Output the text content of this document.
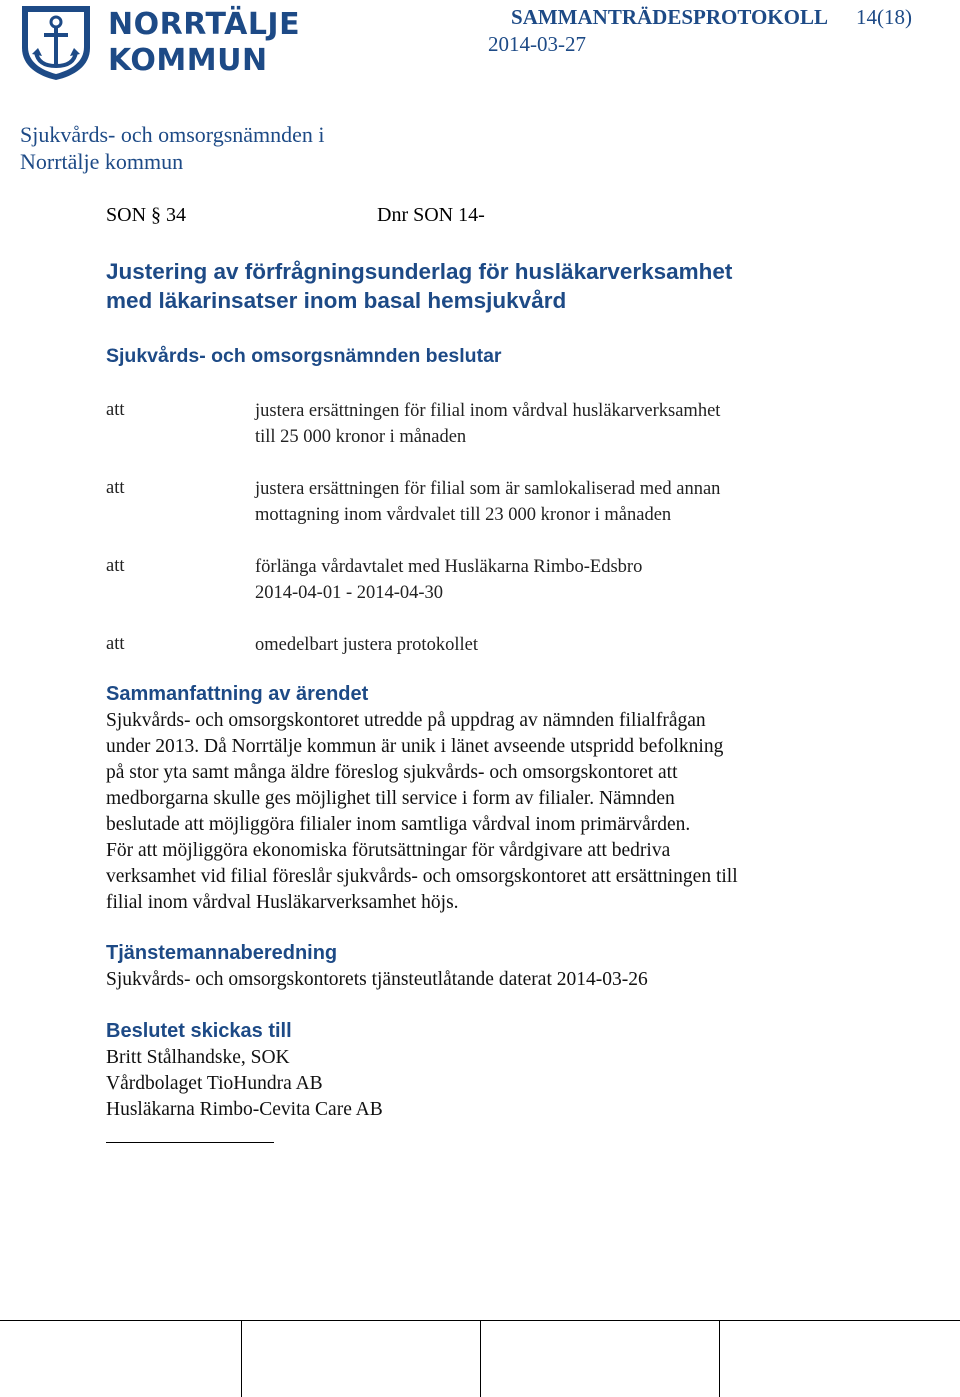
NORRTÄLJE
KOMMUN
SAMMANTRÄDESPROTOKOLL 14(18)
2014-03-27
Sjukvårds- och omsorgsnämnden i
Norrtälje kommun
SON § 34	Dnr SON 14-
Justering av förfrågningsunderlag för husläkarverksamhet
med läkarinsatser inom basal hemsjukvård
Sjukvårds- och omsorgsnämnden beslutar
att	justera ersättningen för filial inom vårdval husläkarverksamhet
till 25 000 kronor i månaden
att	justera ersättningen för filial som är samlokaliserad med annan
mottagning inom vårdvalet till 23 000 kronor i månaden
att	förlänga vårdavtalet med Husläkarna Rimbo-Edsbro
2014-04-01 - 2014-04-30
att	omedelbart justera protokollet
Sammanfattning av ärendet
Sjukvårds- och omsorgskontoret utredde på uppdrag av nämnden filialfrågan
under 2013. Då Norrtälje kommun är unik i länet avseende utspridd befolkning
på stor yta samt många äldre föreslog sjukvårds- och omsorgskontoret att
medborgarna skulle ges möjlighet till service i form av filialer. Nämnden
beslutade att möjliggöra filialer inom samtliga vårdval inom primärvården.
För att möjliggöra ekonomiska förutsättningar för vårdgivare att bedriva
verksamhet vid filial föreslår sjukvårds- och omsorgskontoret att ersättningen till
filial inom vårdval Husläkarverksamhet höjs.
Tjänstemannaberedning
Sjukvårds- och omsorgskontorets tjänsteutlåtande daterat 2014-03-26
Beslutet skickas till
Britt Stålhandske, SOK
Vårdbolaget TioHundra AB
Husläkarna Rimbo-Cevita Care AB
